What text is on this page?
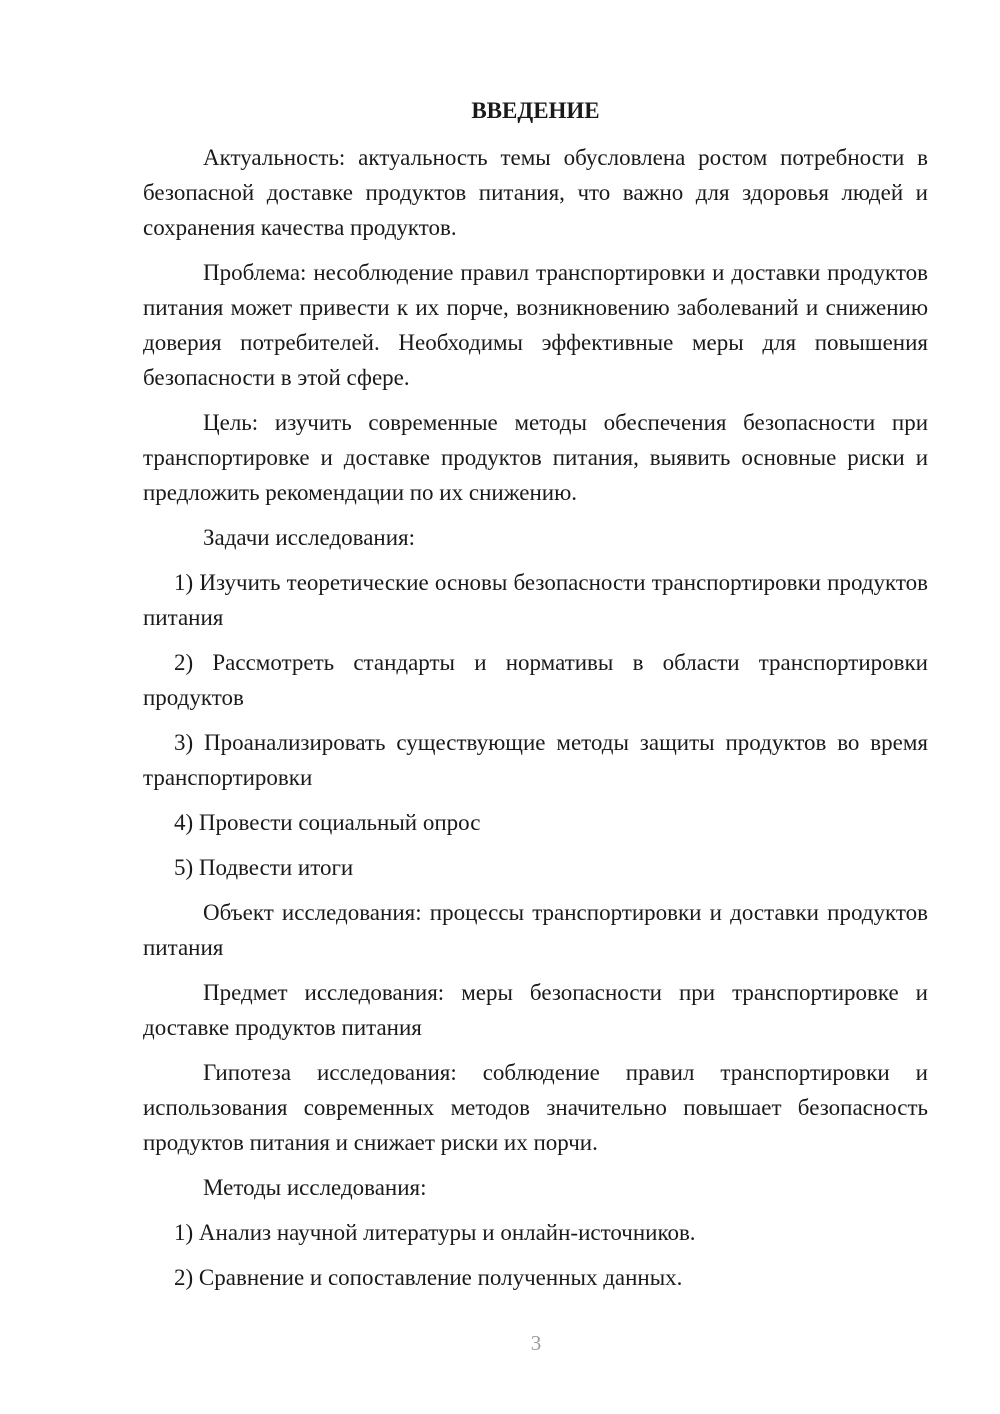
ВВЕДЕНИЕ

Актуальность: актуальность темы обусловлена ростом потребности в безопасной доставке продуктов питания, что важно для здоровья людей и сохранения качества продуктов.

Проблема: несоблюдение правил транспортировки и доставки продуктов питания может привести к их порче, возникновению заболеваний и снижению доверия потребителей. Необходимы эффективные меры для повышения безопасности в этой сфере.

Цель: изучить современные методы обеспечения безопасности при транспортировке и доставке продуктов питания, выявить основные риски и предложить рекомендации по их снижению.

Задачи исследования:

1) Изучить теоретические основы безопасности транспортировки продуктов питания

2) Рассмотреть стандарты и нормативы в области транспортировки продуктов

3) Проанализировать существующие методы защиты продуктов во время транспортировки

4) Провести социальный опрос

5) Подвести итоги

Объект исследования: процессы транспортировки и доставки продуктов питания

Предмет исследования: меры безопасности при транспортировке и доставке продуктов питания

Гипотеза исследования: соблюдение правил транспортировки и использования современных методов значительно повышает безопасность продуктов питания и снижает риски их порчи.

Методы исследования:

1) Анализ научной литературы и онлайн-источников.

2) Сравнение и сопоставление полученных данных.

3
